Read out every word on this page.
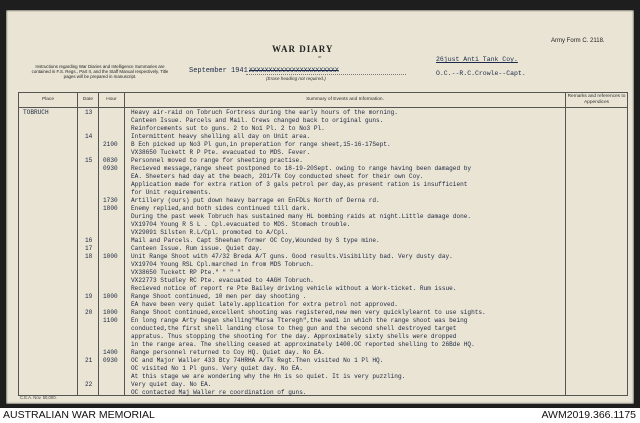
WAR DIARY
or
Army Form C. 2118.
Instructions regarding War Diaries and Intelligence Summaries are contained in F.S. Regs., Part II, and the Staff Manual respectively. Title pages will be prepared in manuscript.
September 1941.
XXXXXXXXXXXXXXXXXXXXXXX
(Erase heading not required.)
26just Anti Tank Coy.
O.C.--R.C.Crowle--Capt.
Place	Date	Hour	Summary of Events and Information.
Remarks and references to Appendices
TOBRUCH	13	Heavy air-raid on Tobruch Fortress during the early hours of the morning.
Canteen Issue. Parcels and Mail. Crews changed back to original guns.
Reinforcements sut to guns. 2 to No1 Pl. 2 to No3 Pl.
14	Intermittent heavy shelling all day on Unit area.
2100 B Ech picked up No3 Pl gun,in preperation for range sheet,15-16-17Sept.
VX38650 Tuckett R P Pte. evacuated to MDS. Fever.
15 0830 Personnel moved to range for sheeting practise.
0930 Recieved message,range sheet postponed to 18-19-20Sept. owing to range having been damaged by
EA. Sheeters had day at the beach, 2O1/Tk Coy conducted sheet for their own Coy.
Application made for extra ration of 3 gals petrol per day,as present ration is insufficient
for Unit requirements.
1730 Artillery (ours) put down heavy barrage en EnFDLs North of Derna rd.
1800 Enemy replied,and both sides continued till dark.
During the past week Tobruch has sustained many HL bombing raids at night.Little damage done.
VX19704 Young R S L . Cpl.evacuated to MDS. Stomach trouble.
VX29091 Silsten R.L/Cpl. promoted to A/Cpl.
16	Mail and Parcels. Capt Sheehan former OC Coy,Wounded by S type mine.
17	Canteen Issue. Rum issue. Quiet day.
18 1000 Unit Range Shoot with 47/32 Breda A/T guns. Good results.Visibility bad. Very dusty day.
VX19704 Young RSL Cpl.marched in from MDS Tobruch.
VX38650 Tuckett RP Pte." " " "
VX22773 Studley RC Pte. evacuated to 4AGH Tobruch.
Recieved notice of report re Pte Bailey driving vehicle without a Work-ticket. Rum issue.
19 1000 Range Shoot continued, 10 men per day shooting .
EA have been very quiet lately.application for extra petrol not approved.
20 1000 Range Shoot continued,excellent shooting was registered,new men very quicklylearnt to use sights.
1100 En long range Arty began shelling"Marsa Tteregh",the wadi in which the range shoot was being
conducted,the first shell landing close to theg gun and the second shell destroyed target
appratus. Thus stopping the shooting for the day. Approximately sixty shells were dropped
in the range area. The shelling ceased at approximately 1400.OC reported shelling to 26Bde HQ.
1400 Range personnel returned to Coy HQ. Quiet day. No EA.
21 0930 OC and Major Waller 433 Bty 74HRHA A/Tk Regt.Then visited No 1 Pl HQ.
OC visited No 1 Pl guns. Very quiet day. No EA.
At this stage we are wondering why the Hn is so quiet. It is very puzzling.
22	Very quiet day. No EA.
OC contacted Maj Waller re coordination of guns.
C.E.A. Nov. 50,000.
AUSTRALIAN WAR MEMORIAL	AWM2019.366.1175
